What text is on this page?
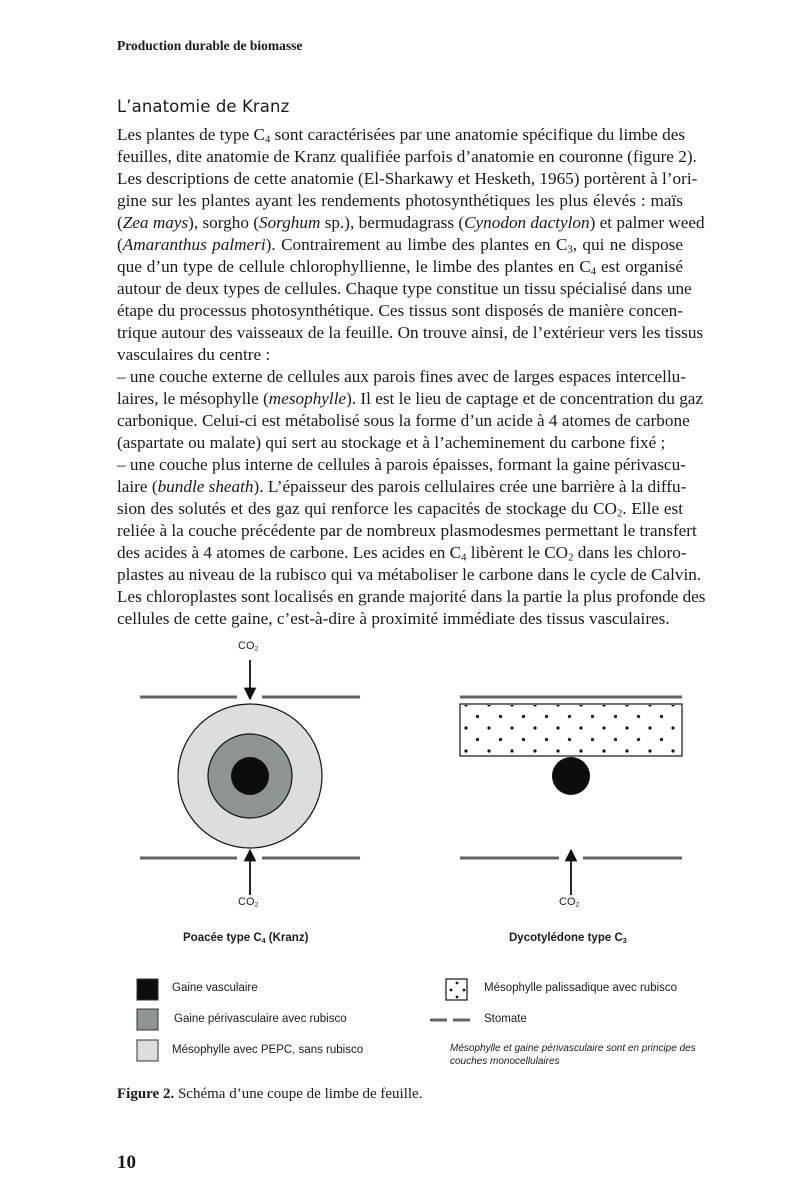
Production durable de biomasse
L’anatomie de Kranz
Les plantes de type $C_4$ sont caractérisées par une anatomie spécifique du limbe des
feuilles, dite anatomie de Kranz qualifiée parfois d’anatomie en couronne (figure 2).
Les descriptions de cette anatomie (El-Sharkawy et Hesketh, 1965) portèrent à l’ori-
gine sur les plantes ayant les rendements photosynthétiques les plus élevés : maïs
(Zea mays), sorgho (Sorghum sp.), bermudagrass (Cynodon dactylon) et palmer weed
(Amaranthus palmeri). Contrairement au limbe des plantes en $C_3$, qui ne dispose
que d’un type de cellule chlorophyllienne, le limbe des plantes en $C_4$ est organisé
autour de deux types de cellules. Chaque type constitue un tissu spécialisé dans une
étape du processus photosynthétique. Ces tissus sont disposés de manière concen-
trique autour des vaisseaux de la feuille. On trouve ainsi, de l’extérieur vers les tissus
vasculaires du centre :
– une couche externe de cellules aux parois fines avec de larges espaces intercellu-
laires, le mésophylle (mesophylle). Il est le lieu de captage et de concentration du gaz
carbonique. Celui-ci est métabolisé sous la forme d’un acide à 4 atomes de carbone
(aspartate ou malate) qui sert au stockage et à l’acheminement du carbone fixé ;
– une couche plus interne de cellules à parois épaisses, formant la gaine périvascu-
laire (bundle sheath). L’épaisseur des parois cellulaires crée une barrière à la diffu-
sion des solutés et des gaz qui renforce les capacités de stockage du $CO_2$. Elle est
reliée à la couche précédente par de nombreux plasmodesmes permettant le transfert
des acides à 4 atomes de carbone. Les acides en $C_4$ libèrent le $CO_2$ dans les chloro-
plastes au niveau de la rubisco qui va métaboliser le carbone dans le cycle de Calvin.
Les chloroplastes sont localisés en grande majorité dans la partie la plus profonde des
cellules de cette gaine, c’est-à-dire à proximité immédiate des tissus vasculaires.
$CO_2$
$CO_2$	$CO_2$
Poacée type $C_4$ (Kranz)	Dycotylédone type $C_3$
Gaine vasculaire
Gaine périvasculaire avec rubisco
Mésophylle avec PEPC, sans rubisco
Mésophylle palissadique avec rubisco
Stomate
Mésophylle et gaine périvasculaire sont en principe des couches monocellulaires
Figure 2. Schéma d’une coupe de limbe de feuille.
10
